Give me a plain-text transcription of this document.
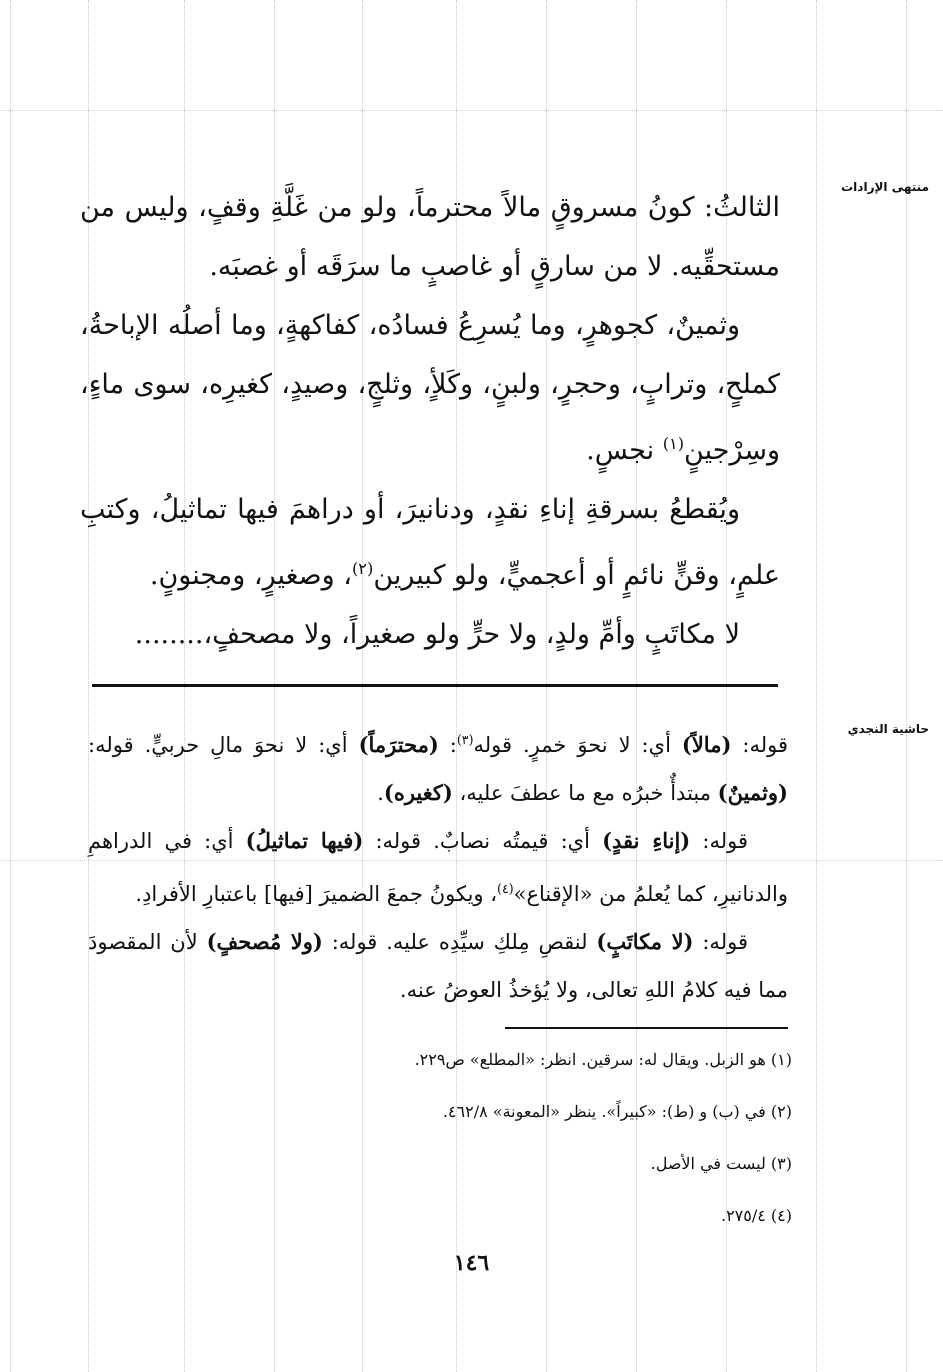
منتهى الإرادات
حاشية النجدي

الثالثُ: كونُ مسروقٍ مالاً محترماً، ولو من غَلَّةِ وقفٍ، وليس من مستحقِّيه. لا من سارقٍ أو غاصبٍ ما سرَقَه أو غصبَه.

وثمينٌ، كجوهرٍ، وما يُسرِعُ فسادُه، كفاكهةٍ، وما أصلُه الإباحةُ، كملحٍ، وترابٍ، وحجرٍ، ولبنٍ، وكَلأٍ، وثلجٍ، وصيدٍ، كغيرِه، سوى ماءٍ، وسِرْجينٍ$^{(١)}$ نجسٍ.

ويُقطعُ بسرقةِ إناءِ نقدٍ، ودنانيرَ، أو دراهمَ فيها تماثيلُ، وكتبِ علمٍ، وقنٍّ نائمٍ أو أعجميٍّ، ولو كبيرين$^{(٢)}$، وصغيرٍ، ومجنونٍ.

لا مكاتَبٍ وأمِّ ولدٍ، ولا حرٍّ ولو صغيراً، ولا مصحفٍ،........

قوله: (مالاً) أي: لا نحوَ خمرٍ. قوله$^{(٣)}$: (محترَماً) أي: لا نحوَ مالِ حربيٍّ. قوله: (وثمينٌ) مبتدأٌ خبرُه مع ما عطفَ عليه، (كغيره).

قوله: (إناءِ نقدٍ) أي: قيمتُه نصابٌ. قوله: (فيها تماثيلُ) أي: في الدراهمِ والدنانيرِ، كما يُعلمُ من «الإقناع»$^{(٤)}$، ويكونُ جمعَ الضميرَ [فيها] باعتبارِ الأفرادِ.

قوله: (لا مكاتَبٍ) لنقصِ مِلكِ سيِّدِه عليه. قوله: (ولا مُصحفٍ) لأن المقصودَ مما فيه كلامُ اللهِ تعالى، ولا يُؤخذُ العوضُ عنه.

(١) هو الزبل. ويقال له: سرقين. انظر: «المطلع» ص٢٢٩.
(٢) في (ب) و (ط): «كبيراً». ينظر «المعونة» ٤٦٢/٨.
(٣) ليست في الأصل.
(٤) ٢٧٥/٤.
١٤٦
